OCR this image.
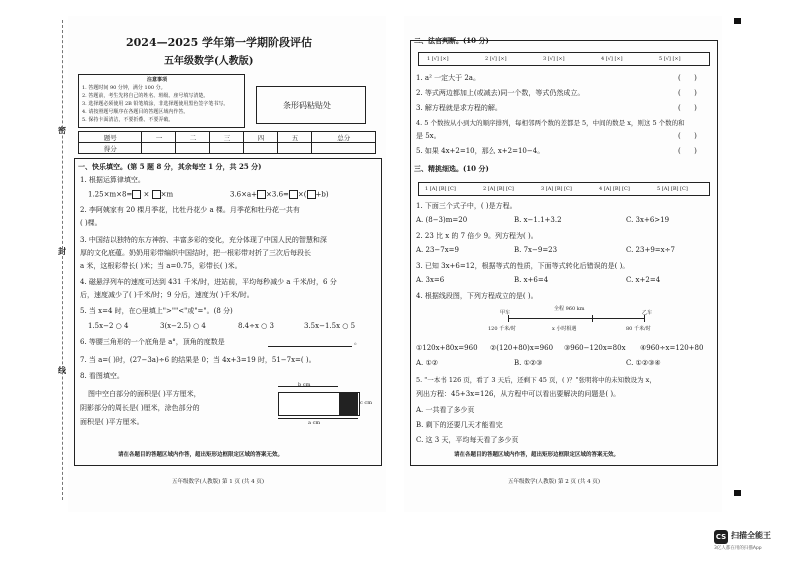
密
封
线
2024—2025 学年第一学期阶段评估
五年级数学(人教版)
注意事项
1. 答题时间 90 分钟，满分 100 分。
2. 答题前，考生先将自己的姓名、班级、座号填写清楚。
3. 选择题必须使用 2B 铅笔填涂，非选择题使用黑色签字笔书写。
4. 请按照题号顺序在各题目的答题区域内作答。
5. 保持卡面清洁，不要折叠、不要弄破。
条形码粘贴处
题号	一	二	三	四	五	总分
得分						
一、快乐填空。(第 5 题 8 分，其余每空 1 分，共 25 分)
1. 根据运算律填空。
1.25×m×8= × ×m	3.6×a+ ×3.6= ×( +b)
2. 李阿姨家有 20 棵月季花，比牡丹花少 a 棵。月季花和牡丹花一共有
( )棵。
3. 中国结以独特的东方神韵、丰富多彩的变化，充分体现了中国人民的智慧和深
厚的文化底蕴。奶奶用彩带编织中国结时，把一根彩带对折了三次后每段长
a 米，这根彩带长( )米；当 a=0.75，彩带长( )米。
4. 磁悬浮列车的速度可达到 431 千米/时，进站前，平均每秒减少 a 千米/时，6 分
后，速度减少了( )千米/时；9 分后，速度为( )千米/时。
5. 当 x=4 时，在○里填上">""<"或"="。(8 分)
1.5x−2 ○ 4	3(x−2.5) ○ 4	8.4÷x ○ 3	3.5x−1.5x ○ 5
6. 等腰三角形的一个底角是 a°，顶角的度数是	。
7. 当 a=( )时，(27−3a)÷6 的结果是 0；当 4x+3=19 时，51−7x=( )。
8. 看图填空。
图中空白部分的面积是( )平方厘米，
阴影部分的周长是( )厘米，涂色部分的
面积是( )平方厘米。
b cm
c cm
a cm
请在各题目的答题区域内作答，超出矩形边框限定区域的答案无效。
五年级数学(人教版) 第 1 页 (共 4 页)
二、法官判断。(10 分)
1 [√] [×]	2 [√] [×]	3 [√] [×]	4 [√] [×]	5 [√] [×]
1. a² 一定大于 2a。	(      )
2. 等式两边都加上(或减去)同一个数，等式仍然成立。	(      )
3. 解方程就是求方程的解。	(      )
4. 5 个数按从小到大的顺序排列，每相邻两个数的差都是 5，中间的数是 x，则这 5 个数的和
是 5x。	(      )
5. 如果 4x+2=10，那么 x+2=10−4。	(      )
三、精挑细选。(10 分)
1 [A] [B] [C]	2 [A] [B] [C]	3 [A] [B] [C]	4 [A] [B] [C]	5 [A] [B] [C]
1. 下面三个式子中，( )是方程。
A. (8−3)m=20	B. x−1.1+3.2	C. 3x+6>19
2. 23 比 x 的 7 倍少 9。列方程为( )。
A. 23−7x=9	B. 7x−9=23	C. 23+9=x÷7
3. 已知 3x+6=12，根据等式的性质，下面等式转化后错误的是( )。
A. 3x=6	B. x+6=4	C. x+2=4
4. 根据线段图，下列方程成立的是( )。
甲车
全程 960 km
乙车
120 千米/时	x 小时相遇	80 千米/时
①120x+80x=960 ②(120+80)x=960 ③960−120x=80x ④960÷x=120+80
A. ①②	B. ①②③	C. ①②③④
5. "一本书 126 页，看了 3 天后，还剩下 45 页，( )？"张明将中的未知数设为 x，
列出方程：45+3x=126，从方程中可以看出要解决的问题是( )。
A. 一共看了多少页
B. 剩下的还要几天才能看完
C. 这 3 天，平均每天看了多少页
请在各题目的答题区域内作答，超出矩形边框限定区域的答案无效。
五年级数学(人教版) 第 2 页 (共 4 页)
CS 扫描全能王
3亿人都在用的扫描App
